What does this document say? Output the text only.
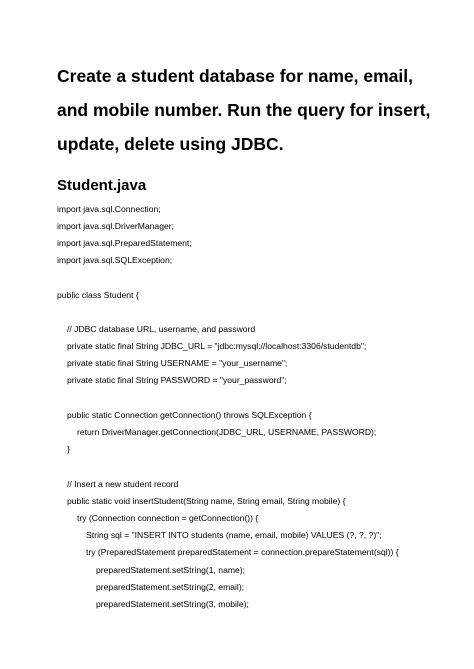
Create a student database for name, email,
and mobile number. Run the query for insert,
update, delete using JDBC.
Student.java
import java.sql.Connection;
import java.sql.DriverManager;
import java.sql.PreparedStatement;
import java.sql.SQLException;
public class Student {
// JDBC database URL, username, and password
private static final String JDBC_URL = "jdbc:mysql://localhost:3306/studentdb";
private static final String USERNAME = "your_username";
private static final String PASSWORD = "your_password";
public static Connection getConnection() throws SQLException {
return DriverManager.getConnection(JDBC_URL, USERNAME, PASSWORD);
}
// Insert a new student record
public static void insertStudent(String name, String email, String mobile) {
try (Connection connection = getConnection()) {
String sql = "INSERT INTO students (name, email, mobile) VALUES (?, ?, ?)";
try (PreparedStatement preparedStatement = connection.prepareStatement(sql)) {
preparedStatement.setString(1, name);
preparedStatement.setString(2, email);
preparedStatement.setString(3, mobile);
